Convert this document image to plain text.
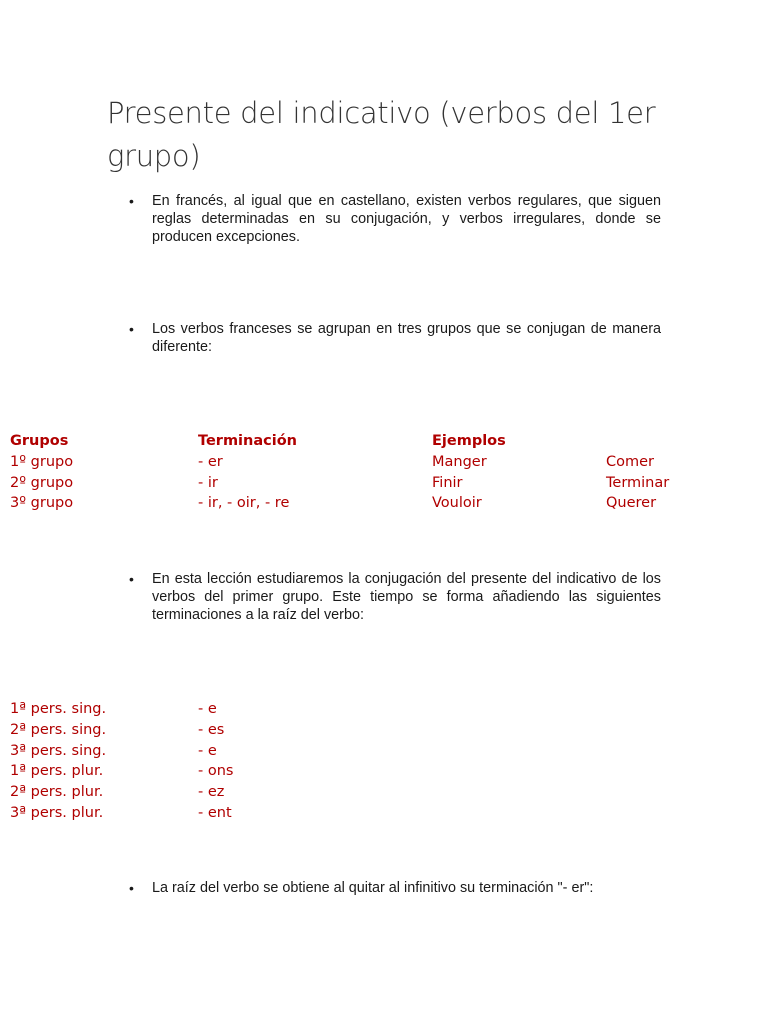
Presente del indicativo (verbos del 1er grupo)
• En francés, al igual que en castellano, existen verbos regulares, que siguen reglas determinadas en su conjugación, y verbos irregulares, donde se producen excepciones.
• Los verbos franceses se agrupan en tres grupos que se conjugan de manera diferente:
Grupos	Terminación	Ejemplos
1º grupo	- er	Manger	Comer
2º grupo	- ir	Finir	Terminar
3º grupo	- ir, - oir, - re	Vouloir	Querer
• En esta lección estudiaremos la conjugación del presente del indicativo de los verbos del primer grupo. Este tiempo se forma añadiendo las siguientes terminaciones a la raíz del verbo:
1ª pers. sing.	- e
2ª pers. sing.	- es
3ª pers. sing.	- e
1ª pers. plur.	- ons
2ª pers. plur.	- ez
3ª pers. plur.	- ent
• La raíz del verbo se obtiene al quitar al infinitivo su terminación "- er":
